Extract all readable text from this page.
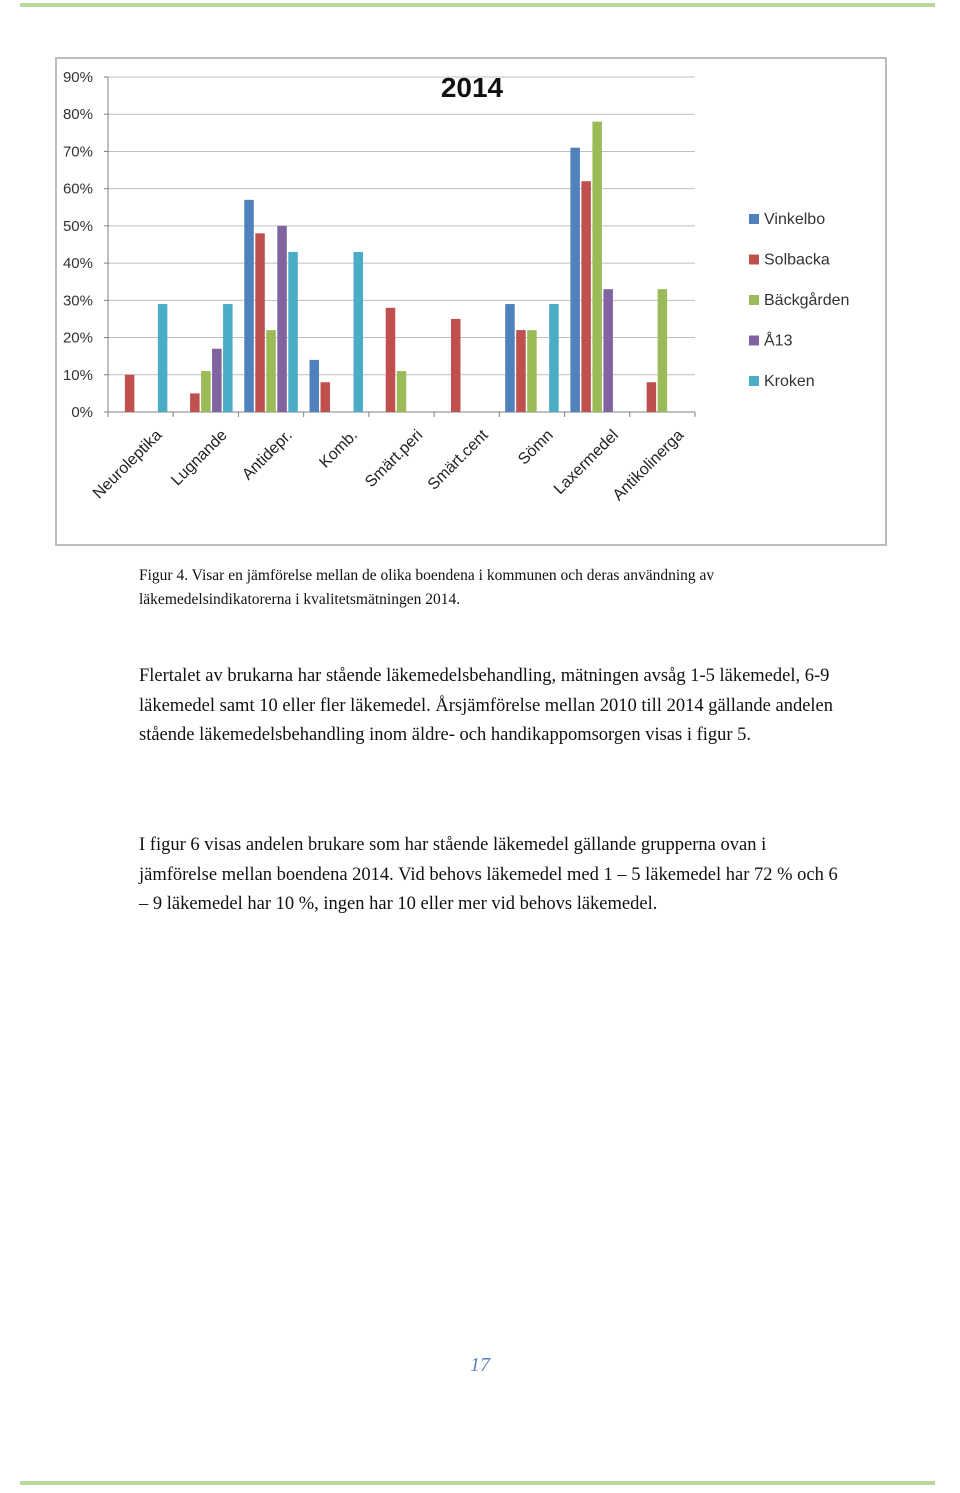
0%
10%
20%
30%
40%
50%
60%
70%
80%
90%
Neuroleptika Lugnande Antidepr. Komb. Smärt.peri
Smärt.cent Sömn
Laxermedel
Antikolinerga
2014
Vinkelbo
Solbacka
Bäckgården
Å13
Kroken

Figur 4. Visar en jämförelse mellan de olika boendena i kommunen och deras användning av läkemedelsindikatorerna i kvalitetsmätningen 2014.

Flertalet av brukarna har stående läkemedelsbehandling, mätningen avsåg 1-5 läkemedel, 6-9 läkemedel samt 10 eller fler läkemedel. Årsjämförelse mellan 2010 till 2014 gällande andelen stående läkemedelsbehandling inom äldre- och handikappomsorgen visas i figur 5.

I figur 6 visas andelen brukare som har stående läkemedel gällande grupperna ovan i jämförelse mellan boendena 2014. Vid behovs läkemedel med 1 – 5 läkemedel har 72 % och 6 – 9 läkemedel har 10 %, ingen har 10 eller mer vid behovs läkemedel.

17
